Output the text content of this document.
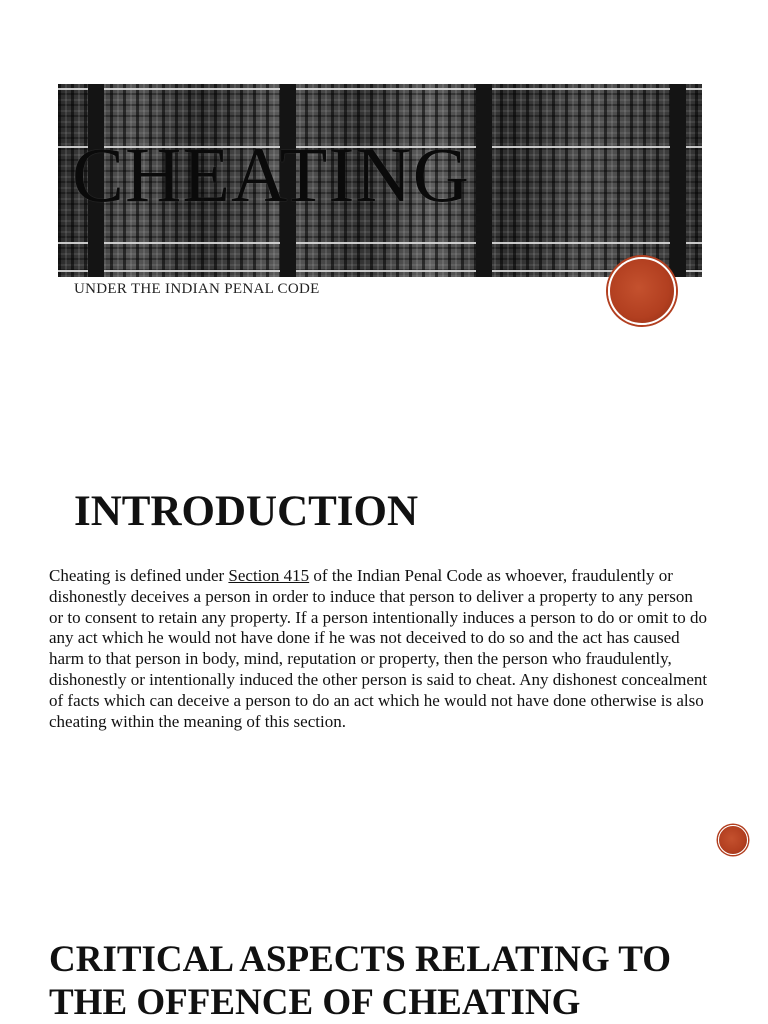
CHEATING
UNDER THE INDIAN PENAL CODE
INTRODUCTION

Cheating is defined under Section 415 of the Indian Penal Code as whoever, fraudulently or dishonestly deceives a person in order to induce that person to deliver a property to any person or to consent to retain any property. If a person intentionally induces a person to do or omit to do any act which he would not have done if he was not deceived to do so and the act has caused harm to that person in body, mind, reputation or property, then the person who fraudulently, dishonestly or intentionally induced the other person is said to cheat. Any dishonest concealment of facts which can deceive a person to do an act which he would not have done otherwise is also cheating within the meaning of this section.

CRITICAL ASPECTS RELATING TO THE OFFENCE OF CHEATING
